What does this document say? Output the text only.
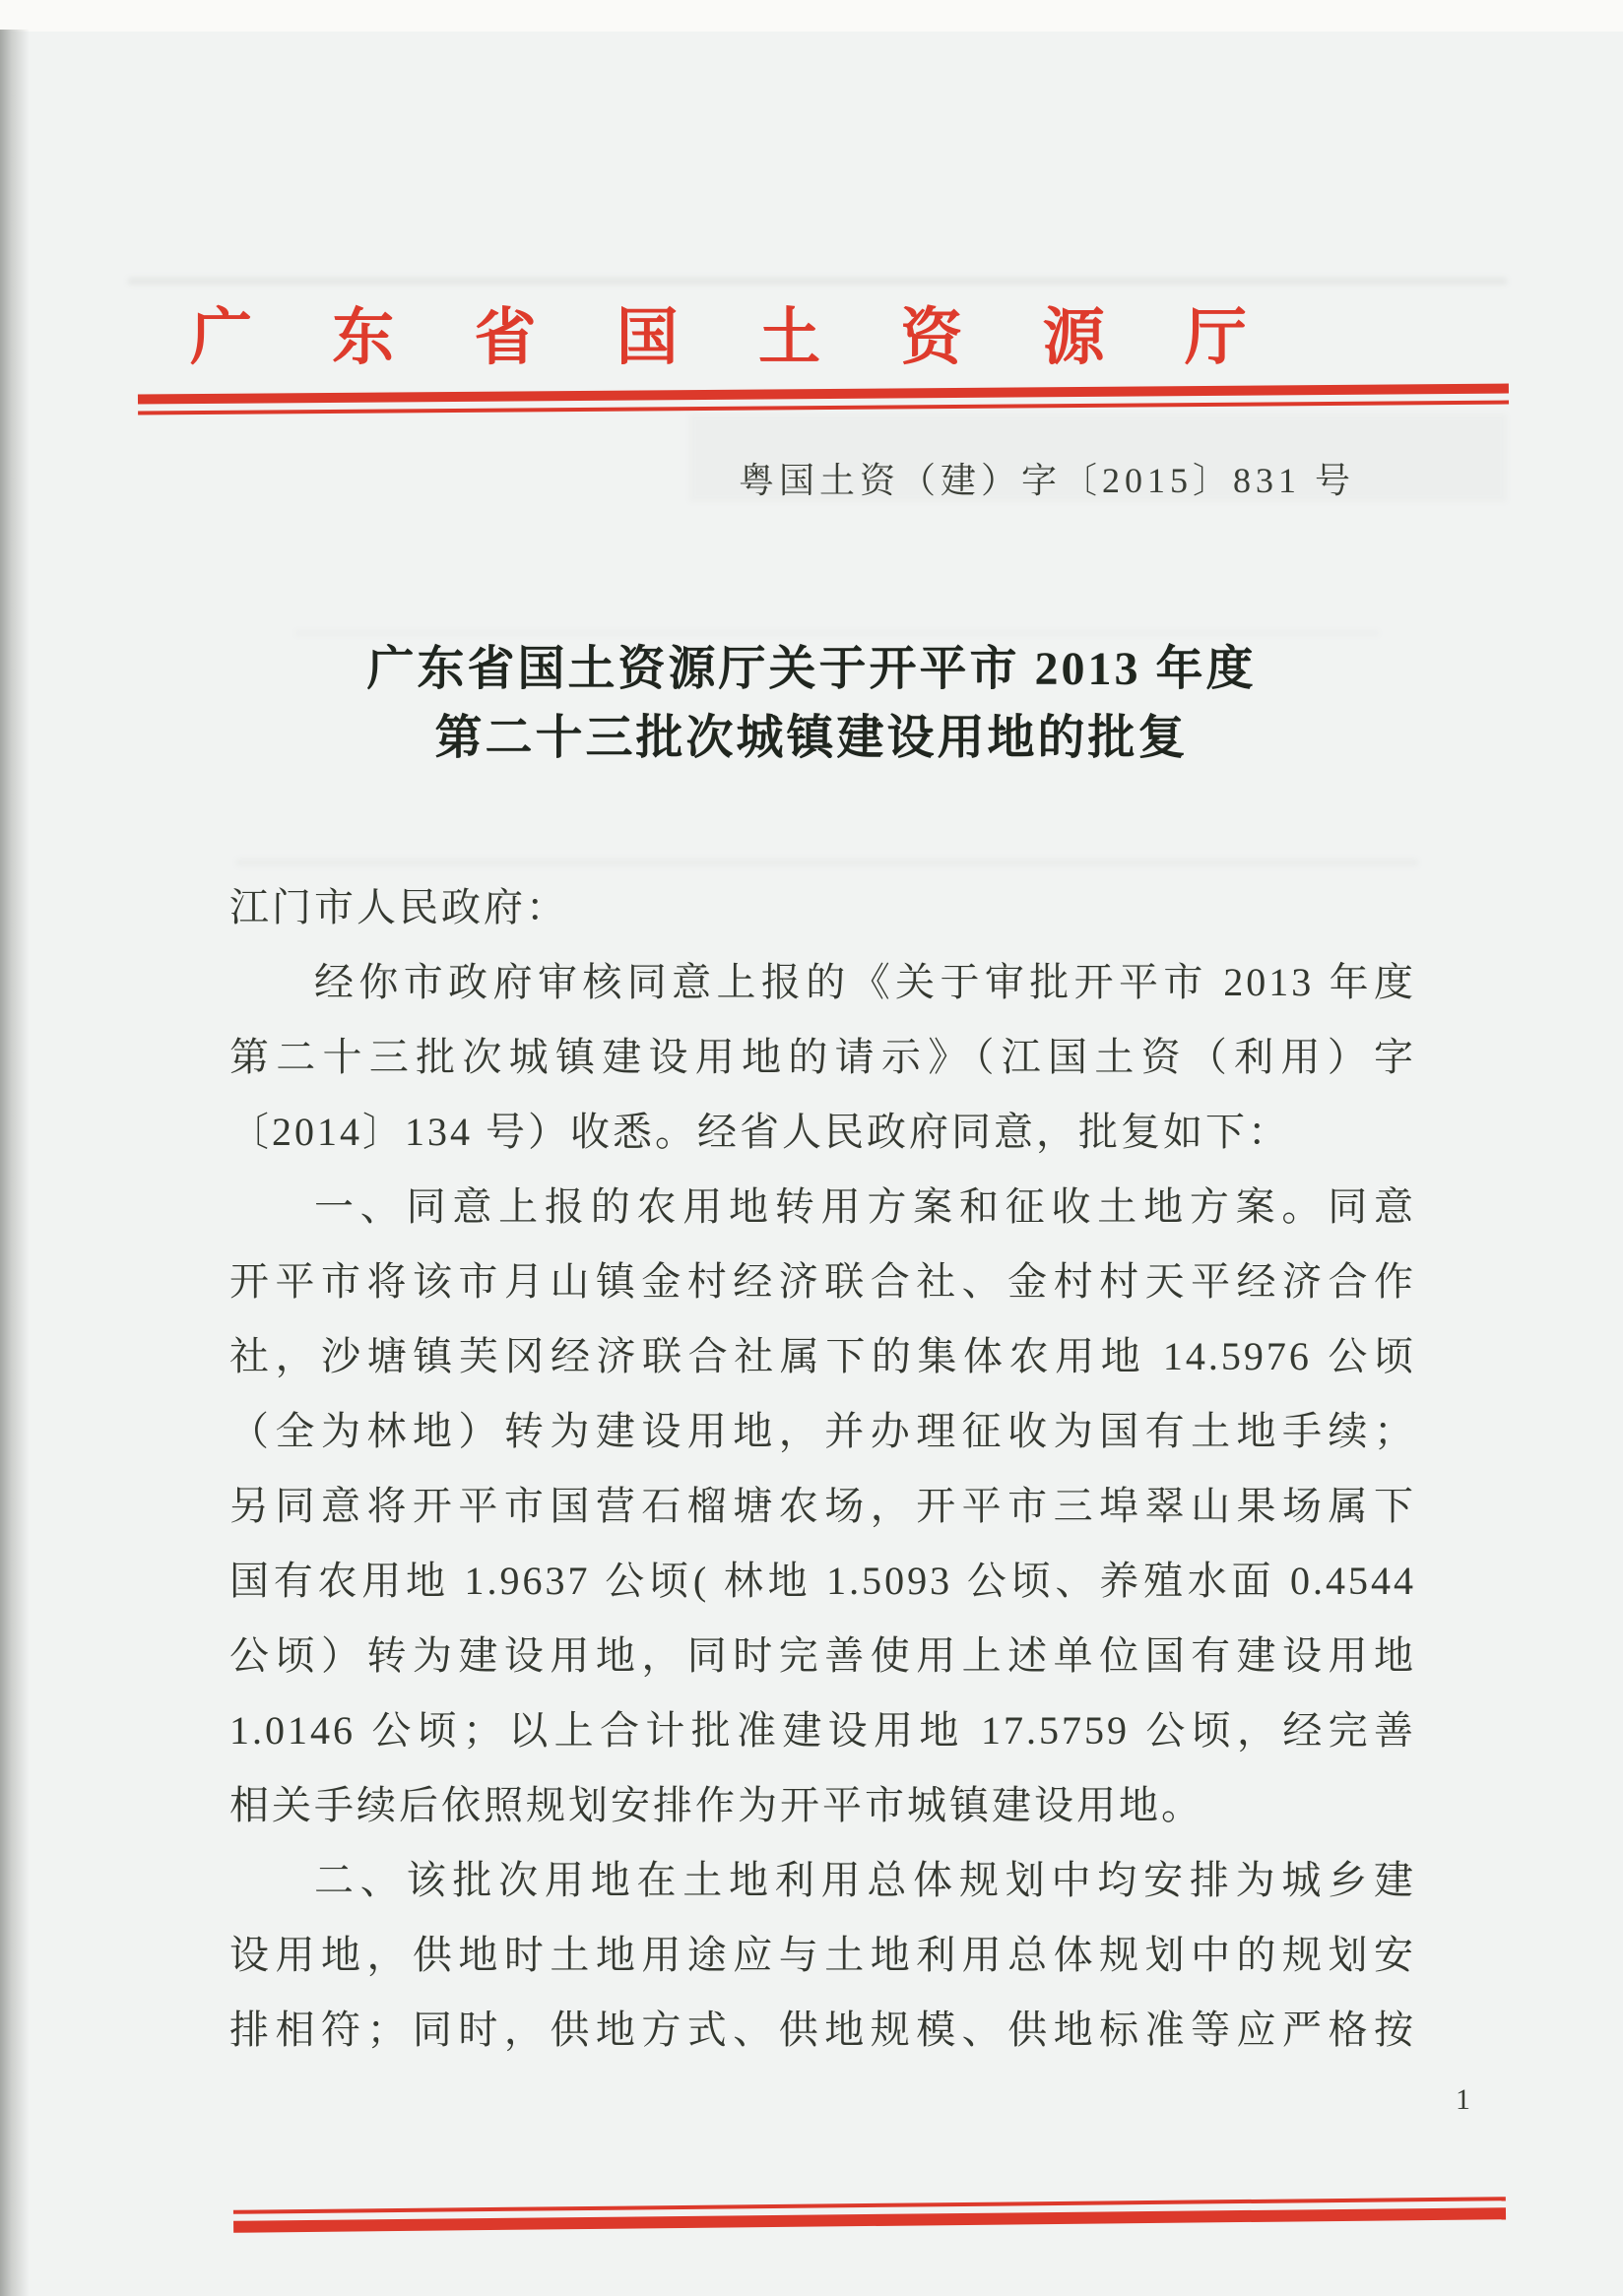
广 东 省 国 土 资 源 厅
粤国土资（建）字〔2015〕831 号
广东省国土资源厅关于开平市 2013 年度
第二十三批次城镇建设用地的批复
江门市人民政府：
经你市政府审核同意上报的《关于审批开平市 2013 年度
第二十三批次城镇建设用地的请示》（江国土资（利用）字
〔2014〕134 号）收悉。经省人民政府同意，批复如下：
一、同意上报的农用地转用方案和征收土地方案。同意
开平市将该市月山镇金村经济联合社、金村村天平经济合作
社，沙塘镇芙冈经济联合社属下的集体农用地 14.5976 公顷
（全为林地）转为建设用地，并办理征收为国有土地手续；
另同意将开平市国营石榴塘农场，开平市三埠翠山果场属下
国有农用地 1.9637 公顷( 林地 1.5093 公顷、养殖水面 0.4544
公顷）转为建设用地，同时完善使用上述单位国有建设用地
1.0146 公顷；以上合计批准建设用地 17.5759 公顷，经完善
相关手续后依照规划安排作为开平市城镇建设用地。
二、该批次用地在土地利用总体规划中均安排为城乡建
设用地，供地时土地用途应与土地利用总体规划中的规划安
排相符；同时，供地方式、供地规模、供地标准等应严格按
1
